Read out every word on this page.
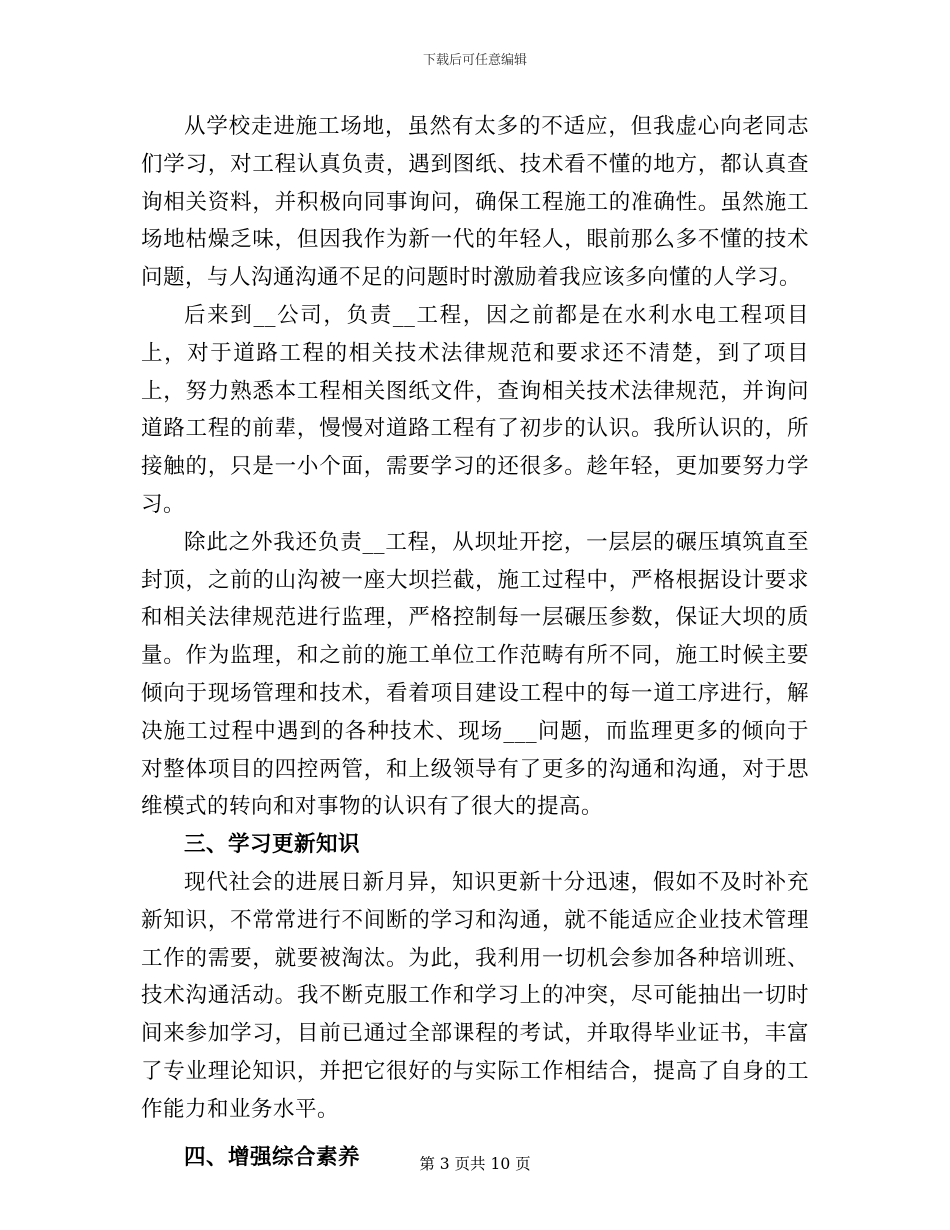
下载后可任意编辑

从学校走进施工场地，虽然有太多的不适应，但我虚心向老同志们学习，对工程认真负责，遇到图纸、技术看不懂的地方，都认真查询相关资料，并积极向同事询问，确保工程施工的准确性。虽然施工场地枯燥乏味，但因我作为新一代的年轻人，眼前那么多不懂的技术问题，与人沟通沟通不足的问题时时激励着我应该多向懂的人学习。

后来到__公司，负责__工程，因之前都是在水利水电工程项目上，对于道路工程的相关技术法律规范和要求还不清楚，到了项目上，努力熟悉本工程相关图纸文件，查询相关技术法律规范，并询问道路工程的前辈，慢慢对道路工程有了初步的认识。我所认识的，所接触的，只是一小个面，需要学习的还很多。趁年轻，更加要努力学习。

除此之外我还负责__工程，从坝址开挖，一层层的碾压填筑直至封顶，之前的山沟被一座大坝拦截，施工过程中，严格根据设计要求和相关法律规范进行监理，严格控制每一层碾压参数，保证大坝的质量。作为监理，和之前的施工单位工作范畴有所不同，施工时候主要倾向于现场管理和技术，看着项目建设工程中的每一道工序进行，解决施工过程中遇到的各种技术、现场___问题，而监理更多的倾向于对整体项目的四控两管，和上级领导有了更多的沟通和沟通，对于思维模式的转向和对事物的认识有了很大的提高。

三、学习更新知识

现代社会的进展日新月异，知识更新十分迅速，假如不及时补充新知识，不常常进行不间断的学习和沟通，就不能适应企业技术管理工作的需要，就要被淘汰。为此，我利用一切机会参加各种培训班、技术沟通活动。我不断克服工作和学习上的冲突，尽可能抽出一切时间来参加学习，目前已通过全部课程的考试，并取得毕业证书，丰富了专业理论知识，并把它很好的与实际工作相结合，提高了自身的工作能力和业务水平。

四、增强综合素养	第 3 页共 10 页
